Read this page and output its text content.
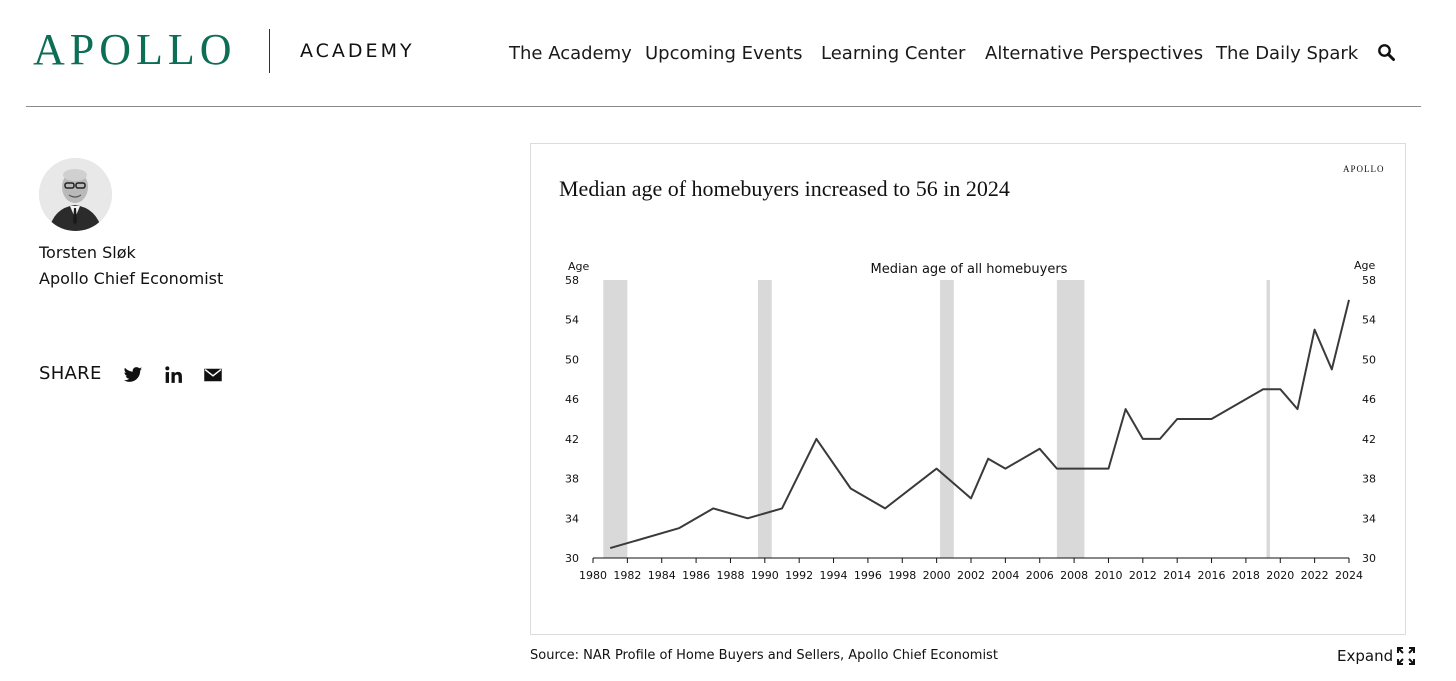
APOLLO	ACADEMY	The Academy Upcoming Events Learning Center Alternative Perspectives The Daily Spark
Torsten Sløk
Apollo Chief Economist
SHARE
Median age of homebuyers increased to 56 in 2024
APOLLO
1980 1982 1984 1986 1988 1990 1992 1994 1996 1998 2000 2002 2004 2006 2008 2010 2012 2014 2016 2018 2020 2022 2024
30	30
34	34
38	38
42	42
46	46
50	50
54	54
58	58
Age	Age
Median age of all homebuyers
Source: NAR Profile of Home Buyers and Sellers, Apollo Chief Economist	Expand
